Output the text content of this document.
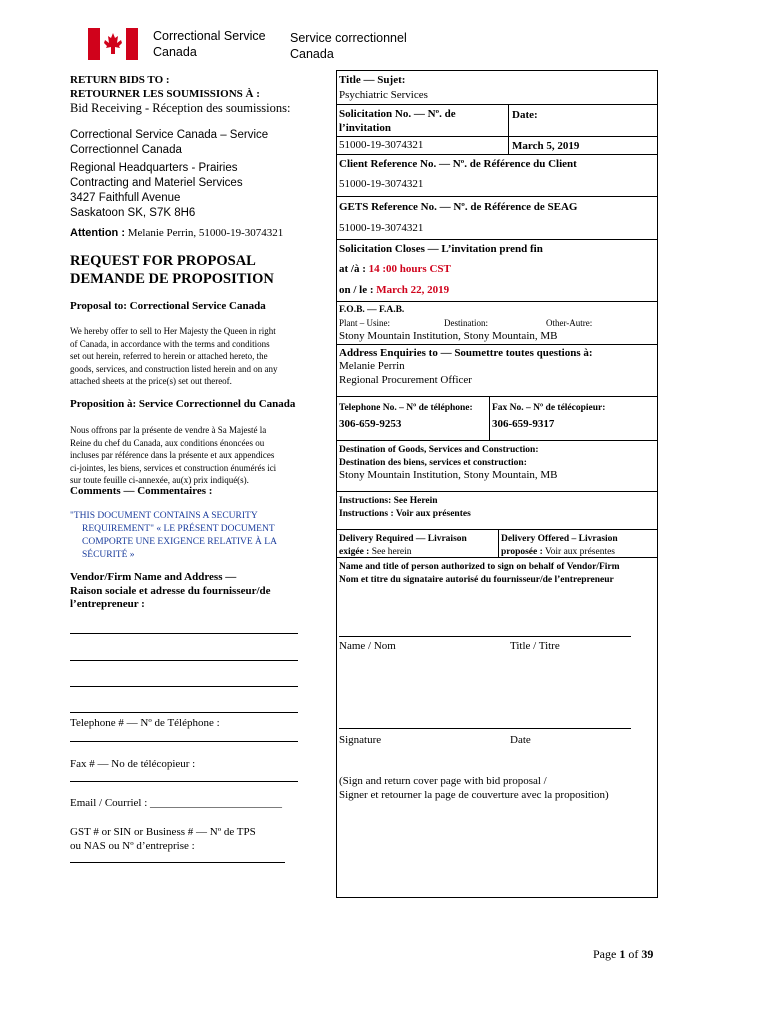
Correctional Service
Canada
Service correctionnel
Canada
RETURN BIDS TO :
RETOURNER LES SOUMISSIONS À :
Bid Receiving - Réception des soumissions:
Correctional Service Canada – Service
Correctionnel Canada
Regional Headquarters - Prairies
Contracting and Materiel Services
3427 Faithfull Avenue
Saskatoon SK, S7K 8H6
Attention : Melanie Perrin, 51000-19-3074321
REQUEST FOR PROPOSAL
DEMANDE DE PROPOSITION
Proposal to: Correctional Service Canada
We hereby offer to sell to Her Majesty the Queen in right
of Canada, in accordance with the terms and conditions
set out herein, referred to herein or attached hereto, the
goods, services, and construction listed herein and on any
attached sheets at the price(s) set out thereof.
Proposition à: Service Correctionnel du Canada
Nous offrons par la présente de vendre à Sa Majesté la
Reine du chef du Canada, aux conditions énoncées ou
incluses par référence dans la présente et aux appendices
ci-jointes, les biens, services et construction énumérés ici
sur toute feuille ci-annexée, au(x) prix indiqué(s).
Comments — Commentaires :
"THIS DOCUMENT CONTAINS A SECURITY
REQUIREMENT" « LE PRÉSENT DOCUMENT
COMPORTE UNE EXIGENCE RELATIVE À LA
SÉCURITÉ »
Vendor/Firm Name and Address —
Raison sociale et adresse du fournisseur/de
l’entrepreneur :
Telephone # — Nº de Téléphone :
Fax # — No de télécopieur :
Email / Courriel : ________________________
GST # or SIN or Business # — Nº de TPS
ou NAS ou Nº d’entreprise :
Title — Sujet:
Psychiatric Services
Solicitation No. — Nº. de
l’invitation
Date:
51000-19-3074321	March 5, 2019
Client Reference No. — Nº. de Référence du Client
51000-19-3074321
GETS Reference No. — Nº. de Référence de SEAG
51000-19-3074321
Solicitation Closes — L’invitation prend fin
at /à : 14 :00 hours CST
on / le : March 22, 2019
F.O.B. — F.A.B.
Plant – Usine:	Destination:	Other-Autre:
Stony Mountain Institution, Stony Mountain, MB
Address Enquiries to — Soumettre toutes questions à:
Melanie Perrin
Regional Procurement Officer
Telephone No. – Nº de téléphone: Fax No. – Nº de télécopieur:
306-659-9253	306-659-9317
Destination of Goods, Services and Construction:
Destination des biens, services et construction:
Stony Mountain Institution, Stony Mountain, MB
Instructions: See Herein
Instructions : Voir aux présentes
Delivery Required — Livraison
exigée : See herein
Delivery Offered – Livrasion
proposée : Voir aux présentes
Name and title of person authorized to sign on behalf of Vendor/Firm
Nom et titre du signataire autorisé du fournisseur/de l’entrepreneur
Name / Nom	Title / Titre
Signature	Date
(Sign and return cover page with bid proposal /
Signer et retourner la page de couverture avec la proposition)
Page 1 of 39
